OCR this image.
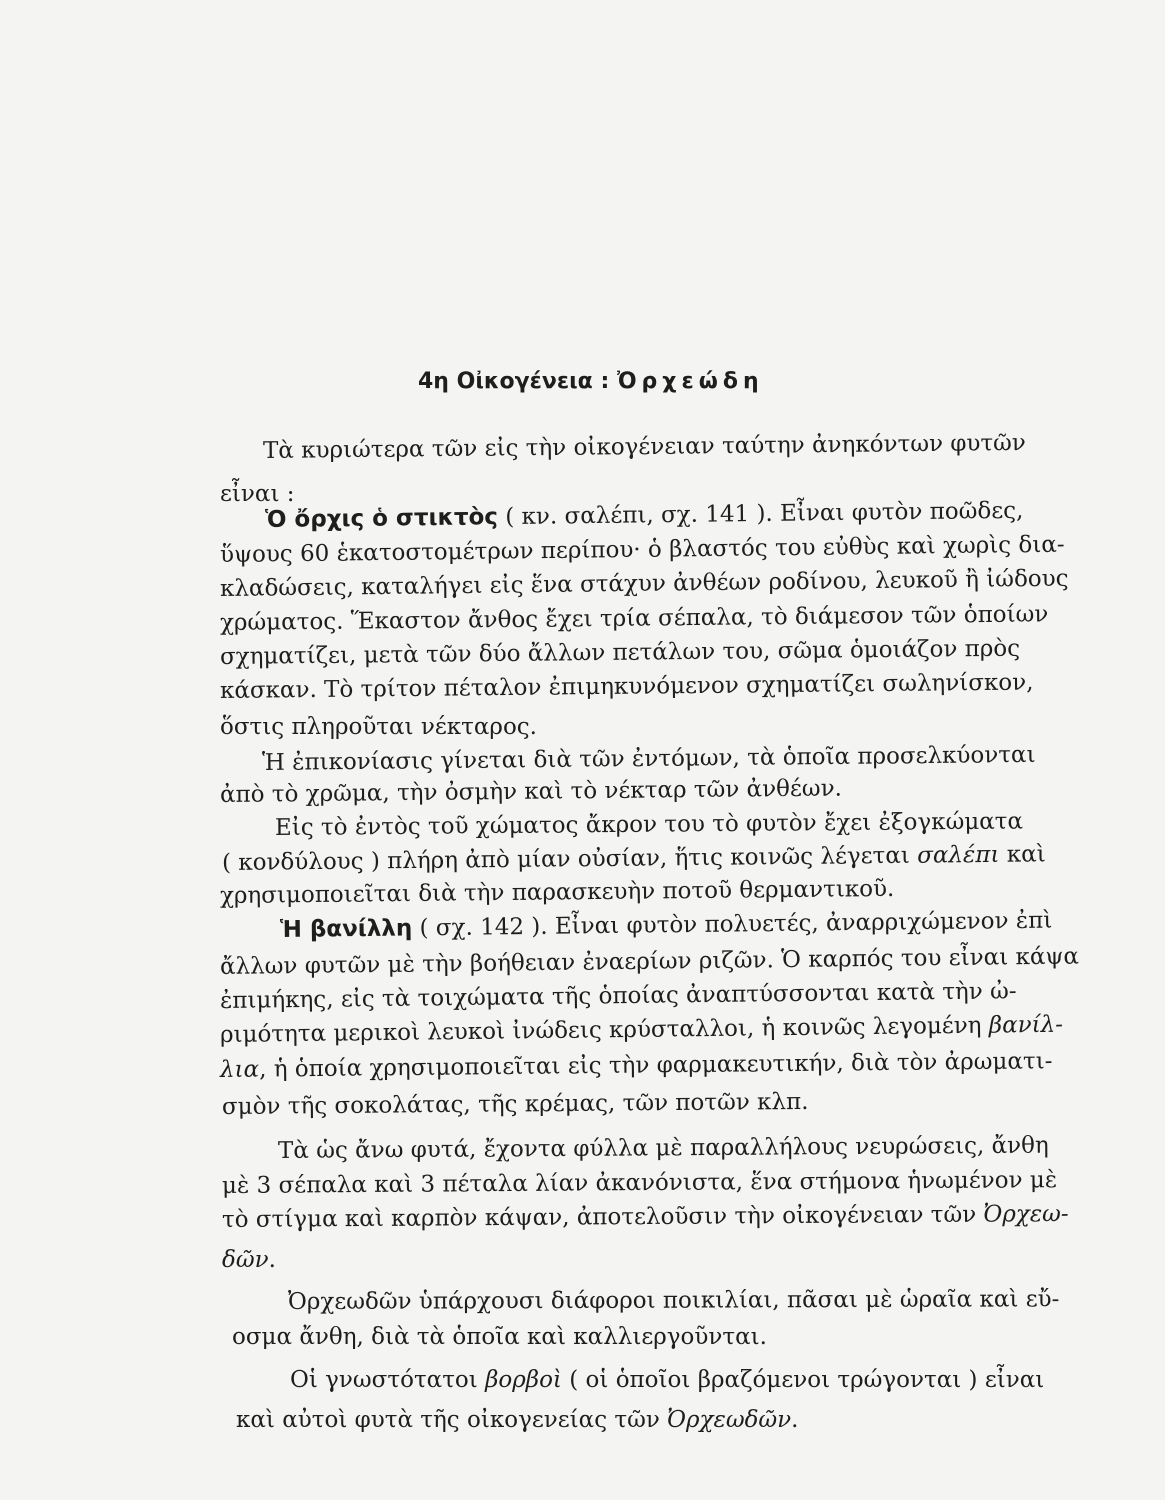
4η Οἰκογένεια : Ὀρχεώδη

Τὰ κυριώτερα τῶν εἰς τὴν οἰκογένειαν ταύτην ἀνηκόντων φυτῶν

εἶναι :

Ὁ ὄρχις ὁ στικτὸς ( κν. σαλέπι, σχ. 141 ). Εἶναι φυτὸν ποῶδες,

ὕψους 60 ἑκατοστομέτρων περίπου· ὁ βλαστός του εὐθὺς καὶ χωρὶς δια-

κλαδώσεις, καταλήγει εἰς ἕνα στάχυν ἀνθέων ροδίνου, λευκοῦ ἢ ἰώδους

χρώματος. Ἕκαστον ἄνθος ἔχει τρία σέπαλα, τὸ διάμεσον τῶν ὁποίων

σχηματίζει, μετὰ τῶν δύο ἄλλων πετάλων του, σῶμα ὁμοιάζον πρὸς

κάσκαν. Τὸ τρίτον πέταλον ἐπιμηκυνόμενον σχηματίζει σωληνίσκον,

ὅστις πληροῦται νέκταρος.

Ἡ ἐπικονίασις γίνεται διὰ τῶν ἐντόμων, τὰ ὁποῖα προσελκύονται

ἀπὸ τὸ χρῶμα, τὴν ὀσμὴν καὶ τὸ νέκταρ τῶν ἀνθέων.

Εἰς τὸ ἐντὸς τοῦ χώματος ἄκρον του τὸ φυτὸν ἔχει ἐξογκώματα

( κονδύλους ) πλήρη ἀπὸ μίαν οὐσίαν, ἥτις κοινῶς λέγεται σαλέπι καὶ

χρησιμοποιεῖται διὰ τὴν παρασκευὴν ποτοῦ θερμαντικοῦ.

Ἡ βανίλλη ( σχ. 142 ). Εἶναι φυτὸν πολυετές, ἀναρριχώμενον ἐπὶ

ἄλλων φυτῶν μὲ τὴν βοήθειαν ἐναερίων ριζῶν. Ὁ καρπός του εἶναι κάψα

ἐπιμήκης, εἰς τὰ τοιχώματα τῆς ὁποίας ἀναπτύσσονται κατὰ τὴν ὠ-

ριμότητα μερικοὶ λευκοὶ ἰνώδεις κρύσταλλοι, ἡ κοινῶς λεγομένη βανίλ-

λια, ἡ ὁποία χρησιμοποιεῖται εἰς τὴν φαρμακευτικήν, διὰ τὸν ἀρωματι-

σμὸν τῆς σοκολάτας, τῆς κρέμας, τῶν ποτῶν κλπ.

Τὰ ὡς ἄνω φυτά, ἔχοντα φύλλα μὲ παραλλήλους νευρώσεις, ἄνθη

μὲ 3 σέπαλα καὶ 3 πέταλα λίαν ἀκανόνιστα, ἕνα στήμονα ἡνωμένον μὲ

τὸ στίγμα καὶ καρπὸν κάψαν, ἀποτελοῦσιν τὴν οἰκογένειαν τῶν Ὀρχεω-

δῶν.

Ὀρχεωδῶν ὑπάρχουσι διάφοροι ποικιλίαι, πᾶσαι μὲ ὡραῖα καὶ εὔ-

οσμα ἄνθη, διὰ τὰ ὁποῖα καὶ καλλιεργοῦνται.

Οἱ γνωστότατοι βορβοὶ ( οἱ ὁποῖοι βραζόμενοι τρώγονται ) εἶναι

καὶ αὐτοὶ φυτὰ τῆς οἰκογενείας τῶν Ὀρχεωδῶν.
